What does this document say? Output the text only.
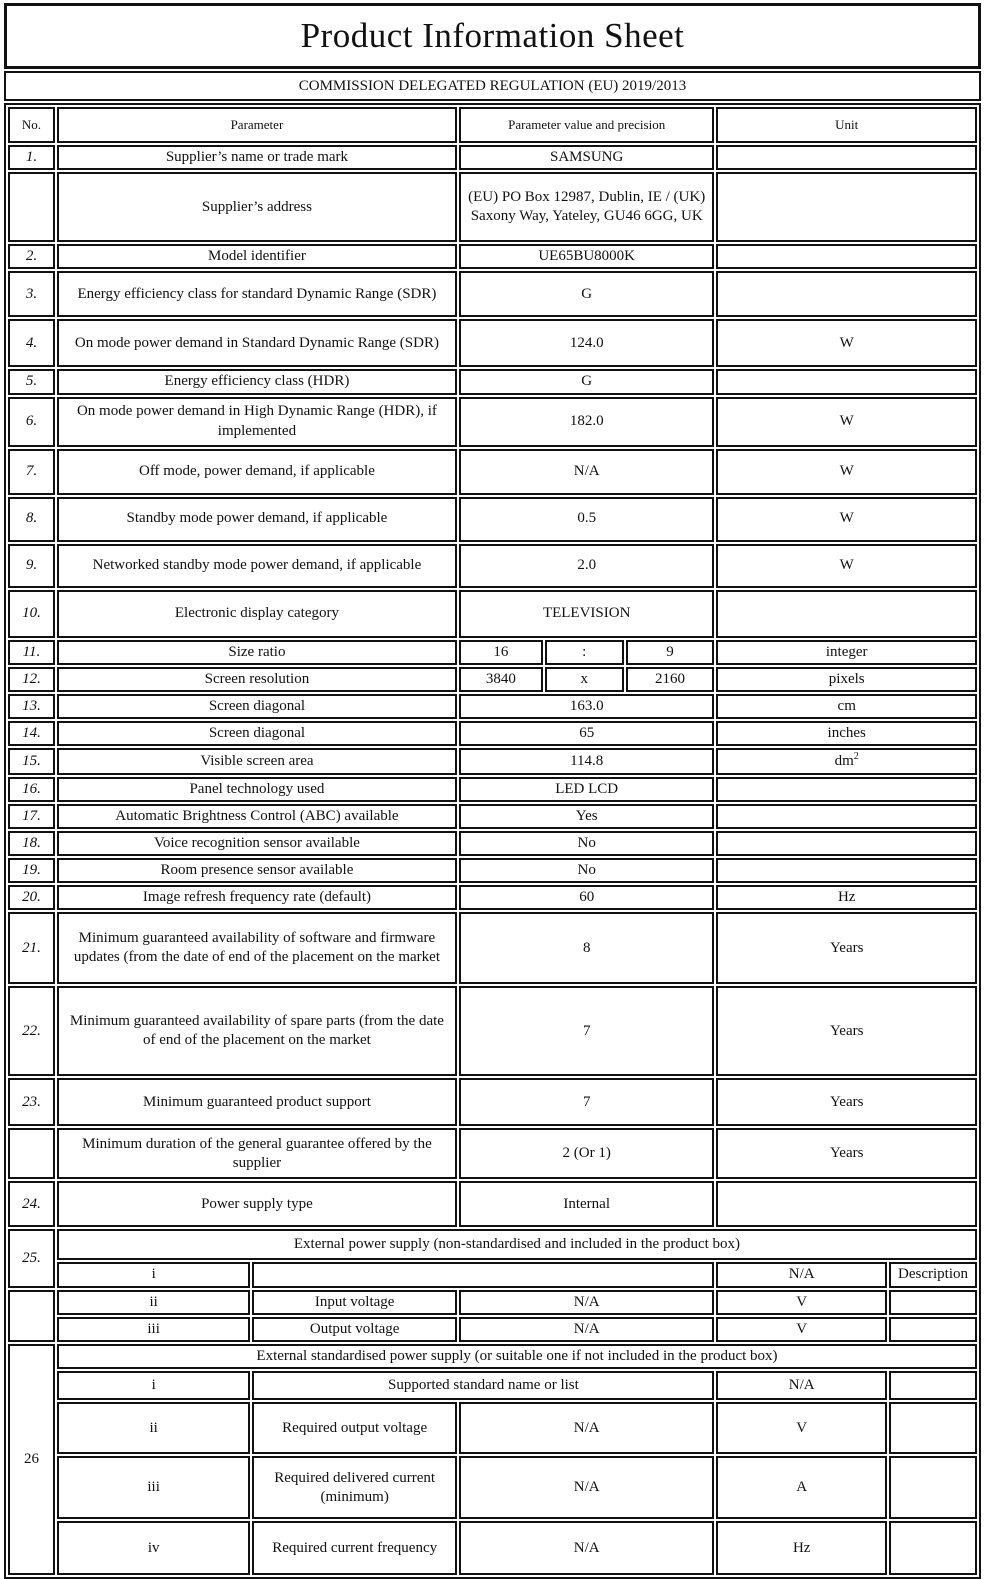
Product Information Sheet
COMMISSION DELEGATED REGULATION (EU) 2019/2013
No.	Parameter		Parameter value and precision			Unit	
1.	Supplier’s name or trade mark		SAMSUNG				
	Supplier’s address		(EU) PO Box 12987, Dublin, IE / (UK) Saxony Way, Yateley, GU46 6GG, UK				
2.	Model identifier		UE65BU8000K				
3.	Energy efficiency class for standard Dynamic Range (SDR)		G				
4.	On mode power demand in Standard Dynamic Range (SDR)		124.0			W	
5.	Energy efficiency class (HDR)		G				
6.	On mode power demand in High Dynamic Range (HDR), if implemented		182.0			W	
7.	Off mode, power demand, if applicable		N/A			W	
8.	Standby mode power demand, if applicable		0.5			W	
9.	Networked standby mode power demand, if applicable		2.0			W	
10.	Electronic display category		TELEVISION				
11.	Size ratio		16	:	9	integer	
12.	Screen resolution		3840	x	2160	pixels	
13.	Screen diagonal		163.0			cm	
14.	Screen diagonal		65			inches	
15.	Visible screen area		114.8			$dm^2$
16.	Panel technology used		LED LCD				
17.	Automatic Brightness Control (ABC) available		Yes				
18.	Voice recognition sensor available		No				
19.	Room presence sensor available		No				
20.	Image refresh frequency rate (default)		60			Hz	
21.	Minimum guaranteed availability of software and firmware updates (from the date of end of the placement on the market		8			Years	
22.	Minimum guaranteed availability of spare parts (from the date of end of the placement on the market		7			Years	
23.	Minimum guaranteed product support		7			Years	
	Minimum duration of the general guarantee offered by the supplier		2 (Or 1)			Years	
24.	Power supply type		Internal				
25.	External power supply (non-standardised and included in the product box)						
	i					N/A	Description
	ii	Input voltage	N/A			V	
	iii	Output voltage	N/A			V	
26	External standardised power supply (or suitable one if not included in the product box)						
	i	Supported standard name or list				N/A	
	ii	Required output voltage	N/A			V	
	iii	Required delivered current (minimum)	N/A			A	
	iv	Required current frequency	N/A			Hz	
